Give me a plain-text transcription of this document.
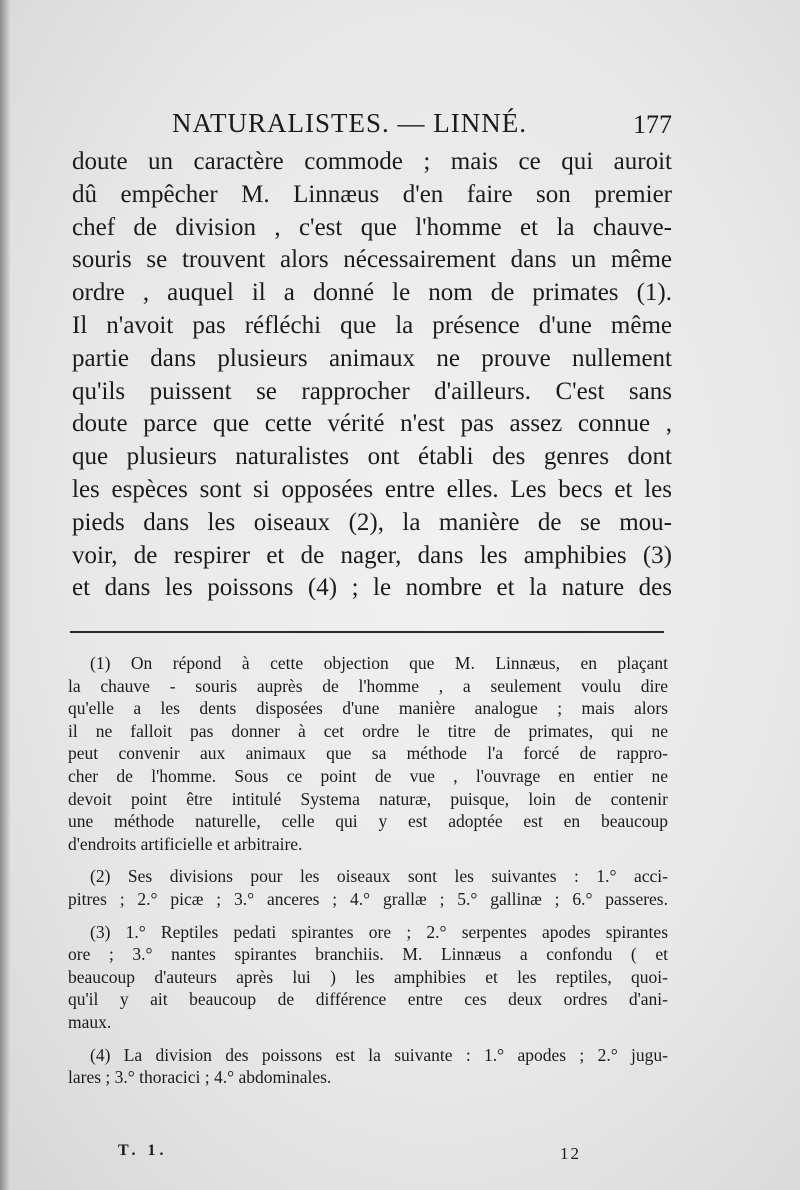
NATURALISTES. — LINNÉ.	177
doute un caractère commode ; mais ce qui auroit
dû empêcher M. Linnæus d'en faire son premier
chef de division , c'est que l'homme et la chauve-
souris se trouvent alors nécessairement dans un même
ordre , auquel il a donné le nom de primates (1).
Il n'avoit pas réfléchi que la présence d'une même
partie dans plusieurs animaux ne prouve nullement
qu'ils puissent se rapprocher d'ailleurs. C'est sans
doute parce que cette vérité n'est pas assez connue ,
que plusieurs naturalistes ont établi des genres dont
les espèces sont si opposées entre elles. Les becs et les
pieds dans les oiseaux (2), la manière de se mou-
voir, de respirer et de nager, dans les amphibies (3)
et dans les poissons (4) ; le nombre et la nature des
(1) On répond à cette objection que M. Linnæus, en plaçant
la chauve - souris auprès de l'homme , a seulement voulu dire
qu'elle a les dents disposées d'une manière analogue ; mais alors
il ne falloit pas donner à cet ordre le titre de primates, qui ne
peut convenir aux animaux que sa méthode l'a forcé de rappro-
cher de l'homme. Sous ce point de vue , l'ouvrage en entier ne
devoit point être intitulé Systema naturæ, puisque, loin de contenir
une méthode naturelle, celle qui y est adoptée est en beaucoup
d'endroits artificielle et arbitraire.
(2) Ses divisions pour les oiseaux sont les suivantes : 1.° acci-
pitres ; 2.° picæ ; 3.° anceres ; 4.° grallæ ; 5.° gallinæ ; 6.° passeres.
(3) 1.° Reptiles pedati spirantes ore ; 2.° serpentes apodes spirantes
ore ; 3.° nantes spirantes branchiis. M. Linnæus a confondu ( et
beaucoup d'auteurs après lui ) les amphibies et les reptiles, quoi-
qu'il y ait beaucoup de différence entre ces deux ordres d'ani-
maux.
(4) La division des poissons est la suivante : 1.° apodes ; 2.° jugu-
lares ; 3.° thoracici ; 4.° abdominales.
T. 1.	12
